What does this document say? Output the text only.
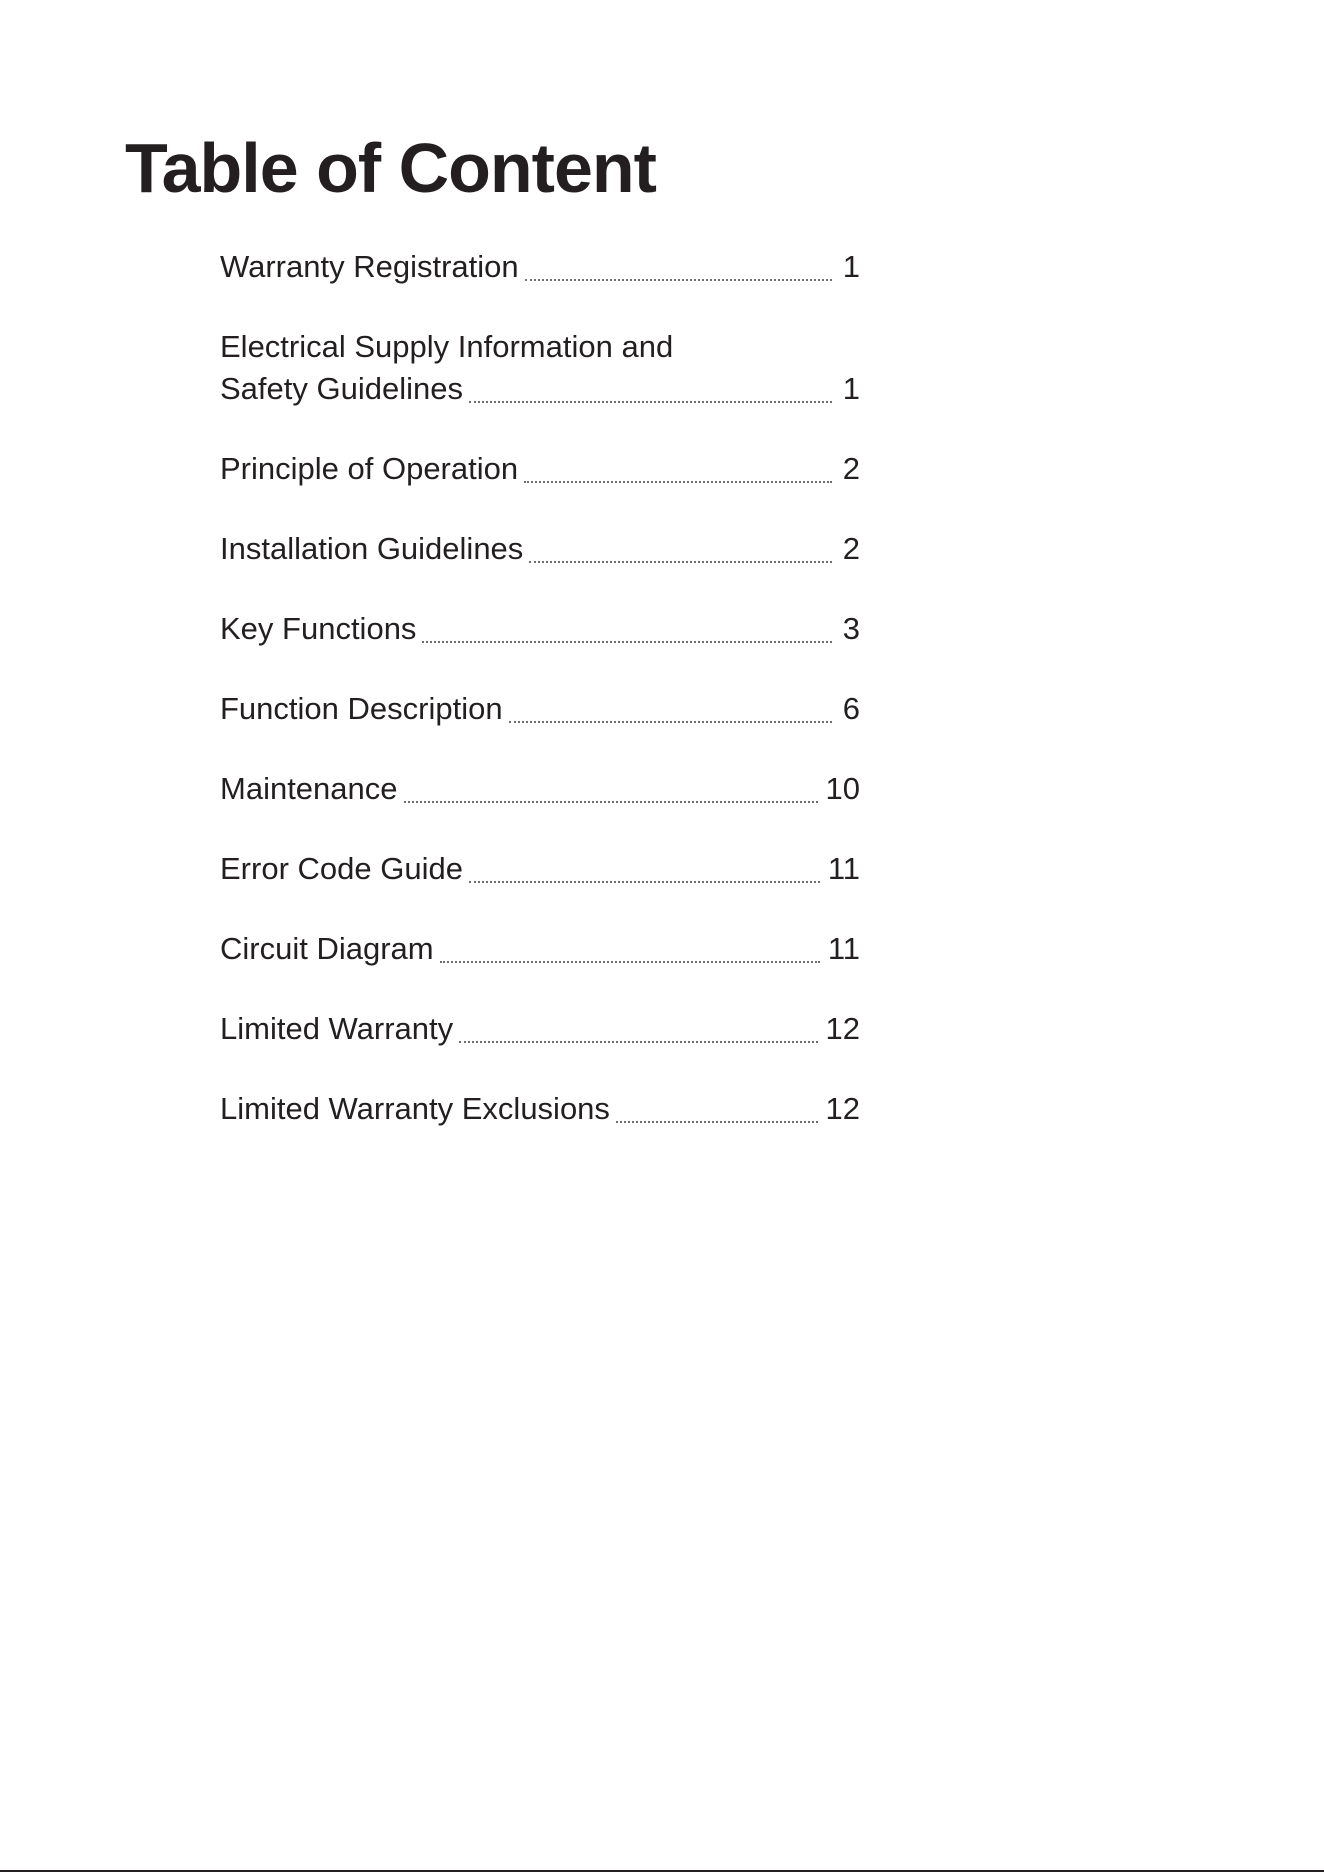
Table of Content
Warranty Registration	1
Electrical Supply Information and
Safety Guidelines	1
Principle of Operation	2
Installation Guidelines	2
Key Functions	3
Function Description	6
Maintenance	10
Error Code Guide	11
Circuit Diagram	11
Limited Warranty	12
Limited Warranty Exclusions	12
